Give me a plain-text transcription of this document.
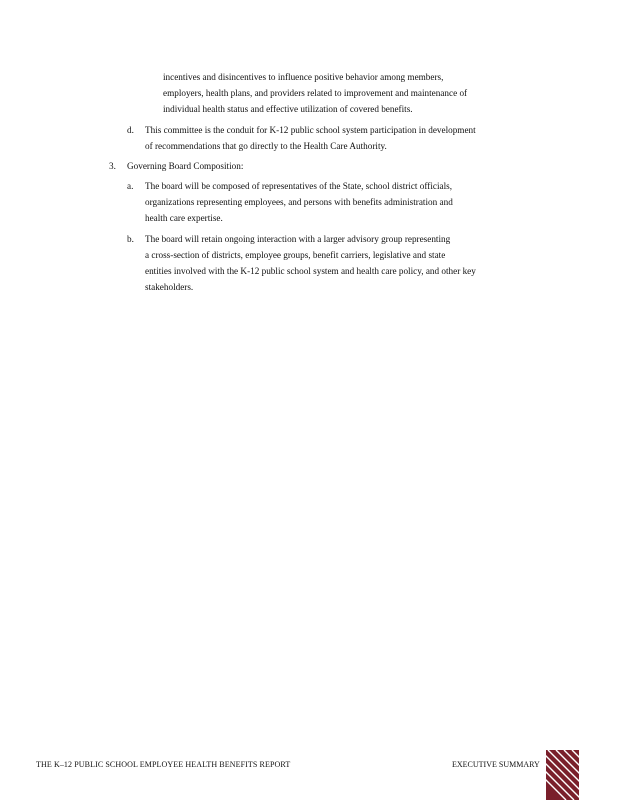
incentives and disincentives to influence positive behavior among members,
employers, health plans, and providers related to improvement and maintenance of
individual health status and effective utilization of covered benefits.
d. This committee is the conduit for K-12 public school system participation in development
of recommendations that go directly to the Health Care Authority.
3. Governing Board Composition:
a. The board will be composed of representatives of the State, school district officials,
organizations representing employees, and persons with benefits administration and
health care expertise.
b. The board will retain ongoing interaction with a larger advisory group representing
a cross-section of districts, employee groups, benefit carriers, legislative and state
entities involved with the K-12 public school system and health care policy, and other key
stakeholders.
THE K–12 PUBLIC SCHOOL EMPLOYEE HEALTH BENEFITS REPORT	EXECUTIVE SUMMARY
